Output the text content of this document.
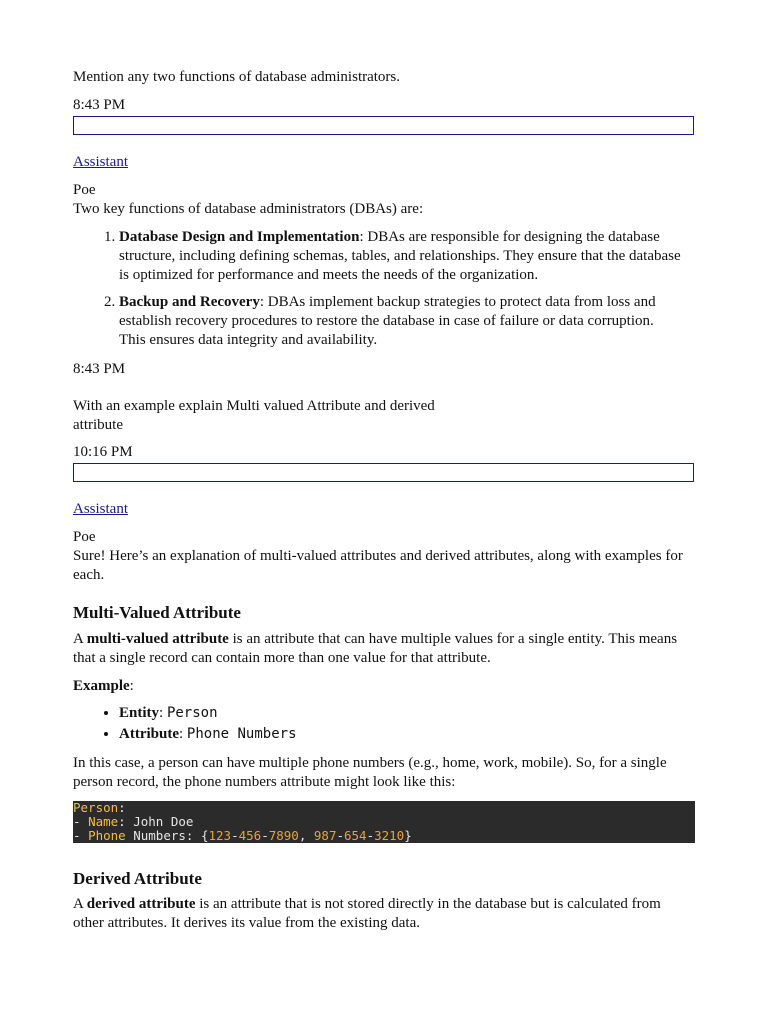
Mention any two functions of database administrators.

8:43 PM

Assistant

Poe

Two key functions of database administrators (DBAs) are:

1. Database Design and Implementation: DBAs are responsible for designing the database structure, including defining schemas, tables, and relationships. They ensure that the database is optimized for performance and meets the needs of the organization.
2. Backup and Recovery: DBAs implement backup strategies to protect data from loss and establish recovery procedures to restore the database in case of failure or data corruption. This ensures data integrity and availability.

8:43 PM

With an example explain Multi valued Attribute and derived

attribute

10:16 PM

Assistant

Poe

Sure! Here’s an explanation of multi-valued attributes and derived attributes, along with examples for each.

Multi-Valued Attribute

A multi-valued attribute is an attribute that can have multiple values for a single entity. This means that a single record can contain more than one value for that attribute.

Example:

• Entity: Person
• Attribute: Phone Numbers

In this case, a person can have multiple phone numbers (e.g., home, work, mobile). So, for a single person record, the phone numbers attribute might look like this:

Person:
- Name: John Doe
- Phone Numbers: {123-456-7890, 987-654-3210}
Derived Attribute

A derived attribute is an attribute that is not stored directly in the database but is calculated from other attributes. It derives its value from the existing data.
